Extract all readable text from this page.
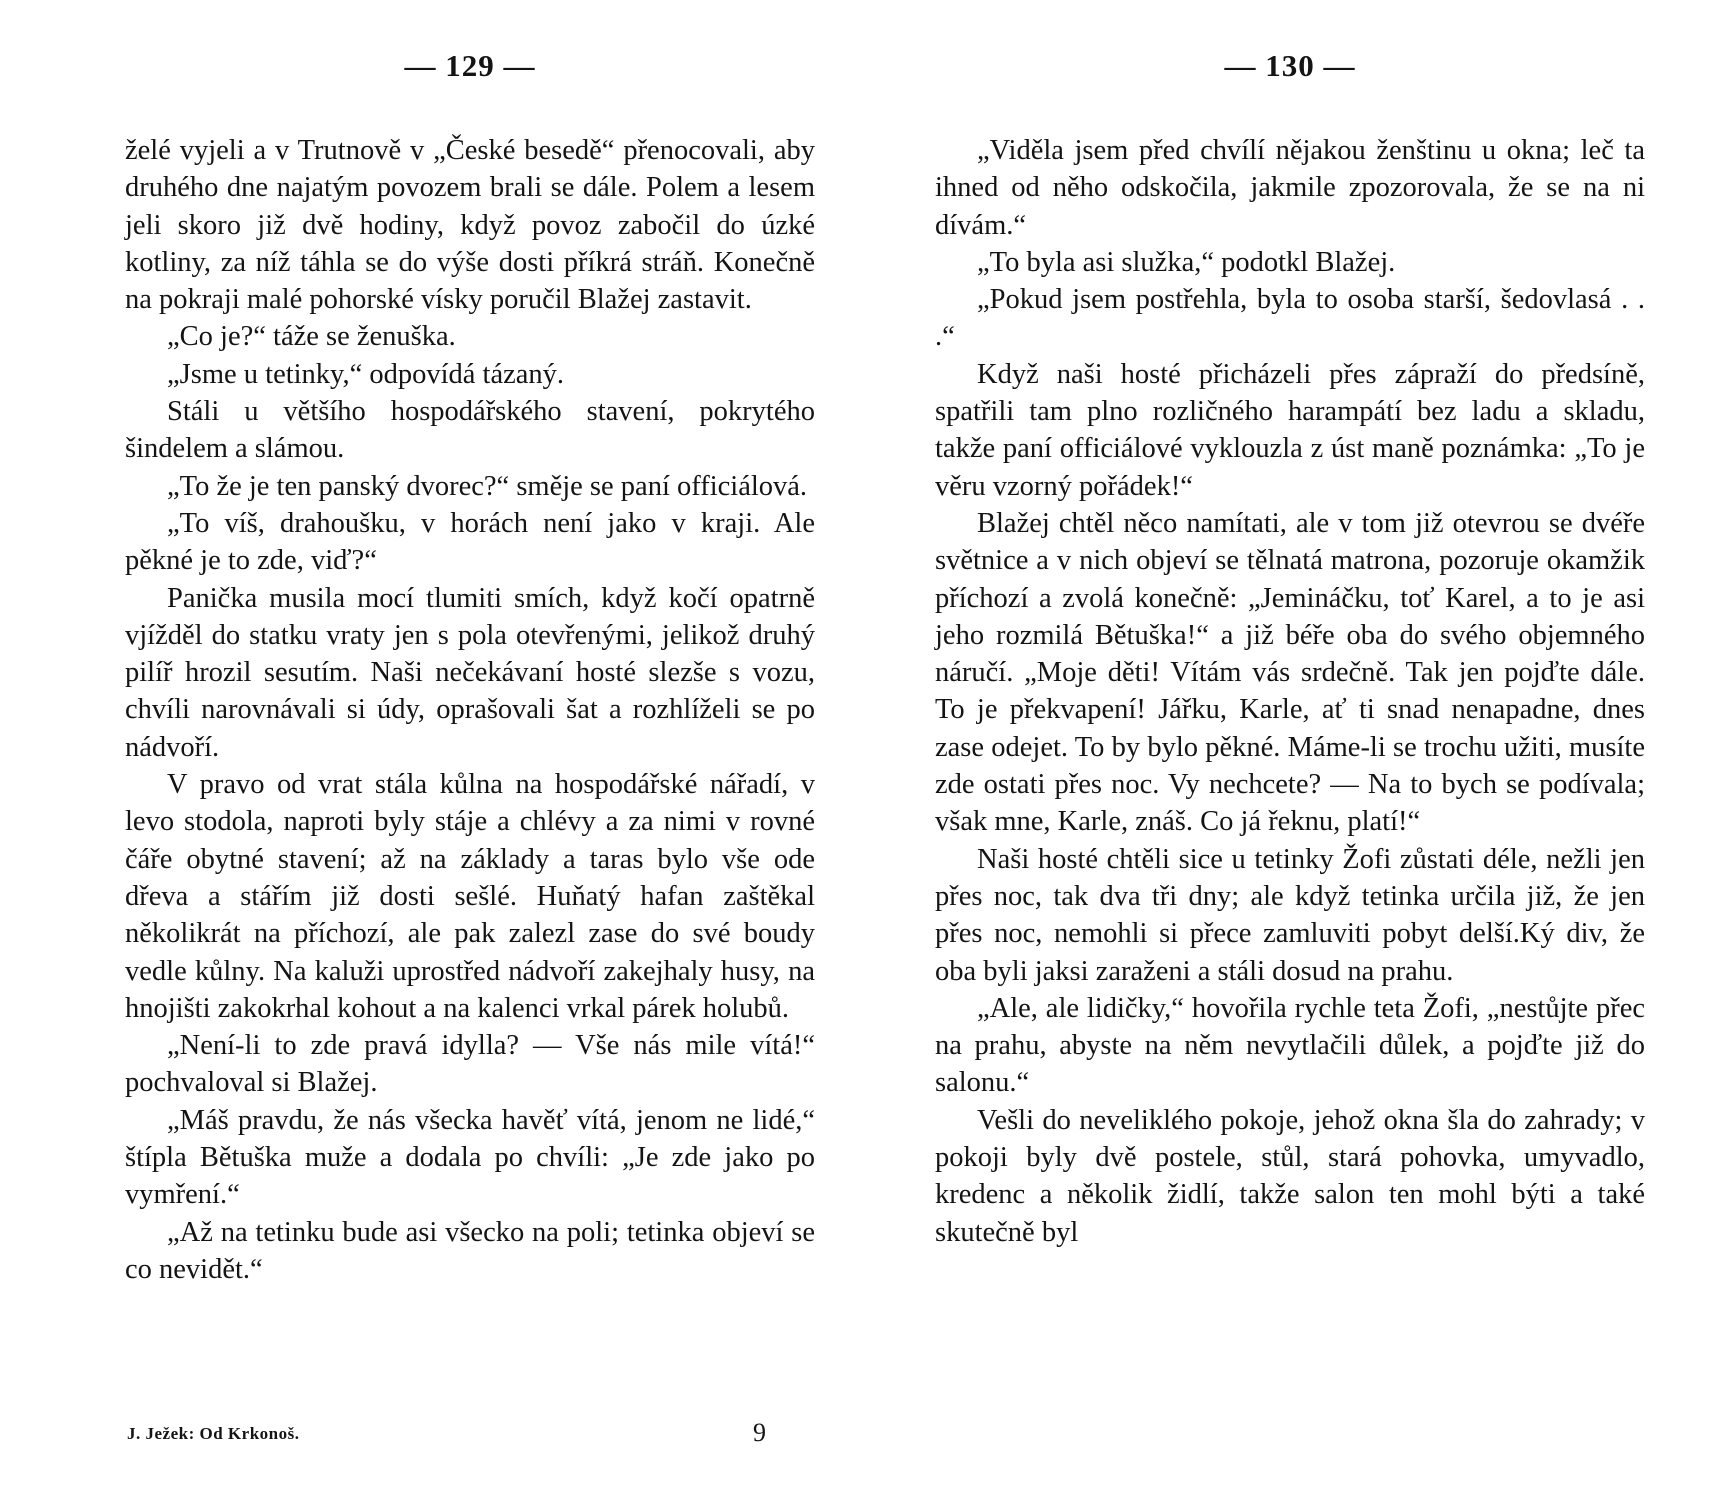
— 129 —

želé vyjeli a v Trutnově v „České besedě“ přenocovali, aby druhého dne najatým povozem brali se dále. Polem a lesem jeli skoro již dvě hodiny, když povoz zabočil do úzké kotliny, za níž táhla se do výše dosti příkrá stráň. Konečně na pokraji malé pohorské vísky poručil Blažej zastavit.

„Co je?“ táže se ženuška.

„Jsme u tetinky,“ odpovídá tázaný.

Stáli u většího hospodářského stavení, pokrytého šindelem a slámou.

„To že je ten panský dvorec?“ směje se paní officiálová.

„To víš, drahoušku, v horách není jako v kraji. Ale pěkné je to zde, viď?“

Panička musila mocí tlumiti smích, když kočí opatrně vjížděl do statku vraty jen s pola otevřenými, jelikož druhý pilíř hrozil sesutím. Naši nečekávaní hosté slezše s vozu, chvíli narovnávali si údy, oprašovali šat a rozhlíželi se po nádvoří.

V pravo od vrat stála kůlna na hospodářské nářadí, v levo stodola, naproti byly stáje a chlévy a za nimi v rovné čáře obytné stavení; až na základy a taras bylo vše ode dřeva a stářím již dosti sešlé. Huňatý hafan zaštěkal několikrát na příchozí, ale pak zalezl zase do své boudy vedle kůlny. Na kaluži uprostřed nádvoří zakejhaly husy, na hnojišti zakokrhal kohout a na kalenci vrkal párek holubů.

„Není-li to zde pravá idylla? — Vše nás mile vítá!“ pochvaloval si Blažej.

„Máš pravdu, že nás všecka havěť vítá, jenom ne lidé,“ štípla Bětuška muže a dodala po chvíli: „Je zde jako po vymření.“

„Až na tetinku bude asi všecko na poli; tetinka objeví se co nevidět.“

J. Ježek: Od Krkonoš.	9
— 130 —

„Viděla jsem před chvílí nějakou ženštinu u okna; leč ta ihned od něho odskočila, jakmile zpozorovala, že se na ni dívám.“

„To byla asi služka,“ podotkl Blažej.

„Pokud jsem postřehla, byla to osoba starší, šedovlasá . . .“

Když naši hosté přicházeli přes zápraží do předsíně, spatřili tam plno rozličného harampátí bez ladu a skladu, takže paní officiálové vyklouzla z úst maně poznámka: „To je věru vzorný pořádek!“

Blažej chtěl něco namítati, ale v tom již otevrou se dvéře světnice a v nich objeví se tělnatá matrona, pozoruje okamžik příchozí a zvolá konečně: „Jemináčku, toť Karel, a to je asi jeho rozmilá Bětuška!“ a již béře oba do svého objemného náručí. „Moje děti! Vítám vás srdečně. Tak jen pojďte dále. To je překvapení! Jářku, Karle, ať ti snad nenapadne, dnes zase odejet. To by bylo pěkné. Máme-li se trochu užiti, musíte zde ostati přes noc. Vy nechcete? — Na to bych se podívala; však mne, Karle, znáš. Co já řeknu, platí!“

Naši hosté chtěli sice u tetinky Žofi zůstati déle, nežli jen přes noc, tak dva tři dny; ale když tetinka určila již, že jen přes noc, nemohli si přece zamluviti pobyt delší.Ký div, že oba byli jaksi zaraženi a stáli dosud na prahu.

„Ale, ale lidičky,“ hovořila rychle teta Žofi, „nestůjte přec na prahu, abyste na něm nevytlačili důlek, a pojďte již do salonu.“

Vešli do neveliklého pokoje, jehož okna šla do zahrady; v pokoji byly dvě postele, stůl, stará pohovka, umyvadlo, kredenc a několik židlí, takže salon ten mohl býti a také skutečně byl
